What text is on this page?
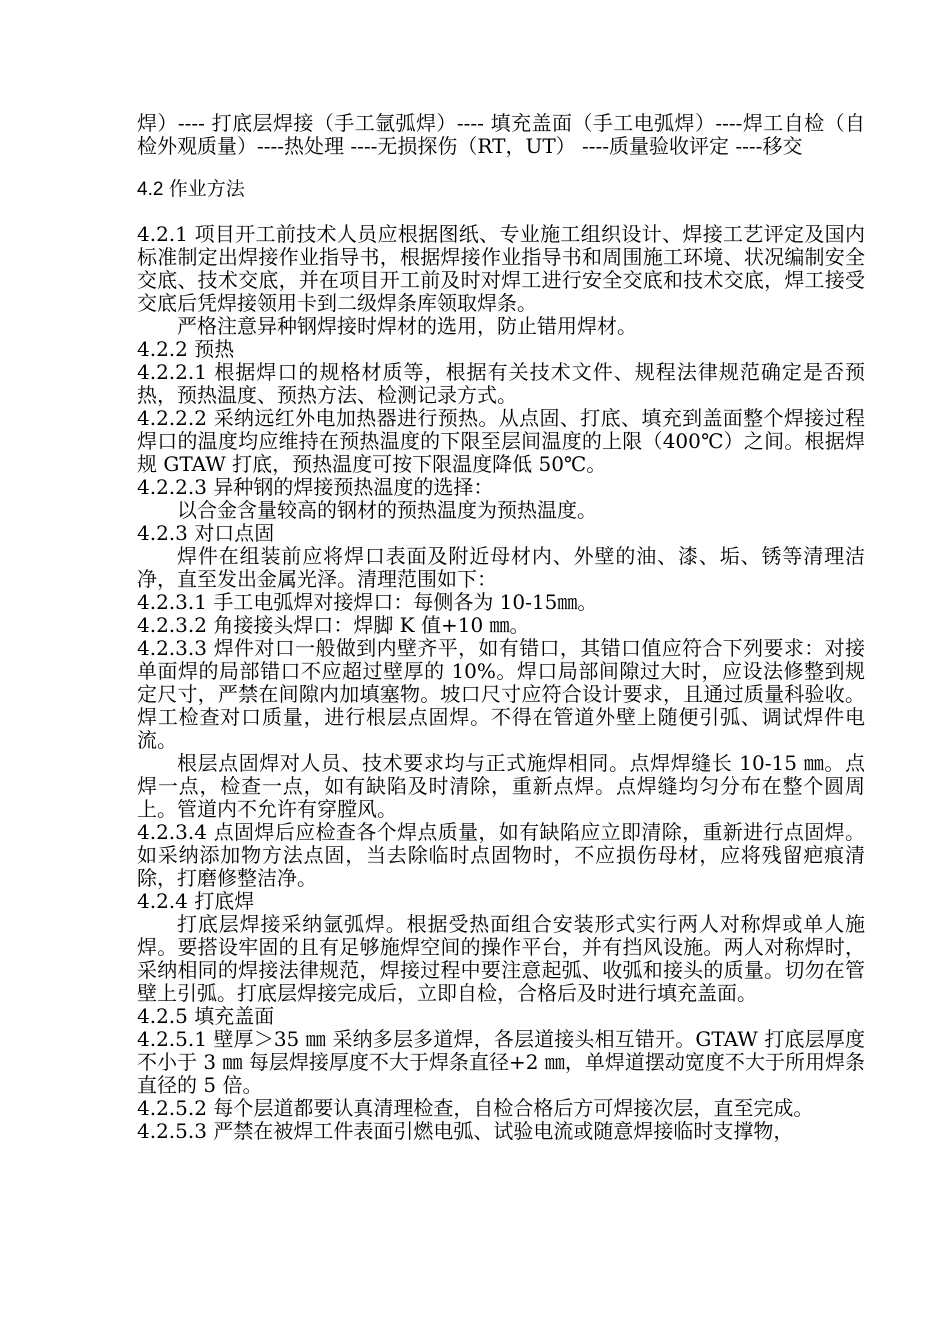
焊）---- 打底层焊接（手工氩弧焊）---- 填充盖面（手工电弧焊）----焊工自检（自检外观质量）----热处理 ----无损探伤（RT，UT） ----质量验收评定 ----移交

4.2 作业方法

4.2.1 项目开工前技术人员应根据图纸、专业施工组织设计、焊接工艺评定及国内标准制定出焊接作业指导书，根据焊接作业指导书和周围施工环境、状况编制安全交底、技术交底，并在项目开工前及时对焊工进行安全交底和技术交底，焊工接受交底后凭焊接领用卡到二级焊条库领取焊条。

严格注意异种钢焊接时焊材的选用，防止错用焊材。

4.2.2 预热

4.2.2.1 根据焊口的规格材质等，根据有关技术文件、规程法律规范确定是否预热，预热温度、预热方法、检测记录方式。

4.2.2.2 采纳远红外电加热器进行预热。从点固、打底、填充到盖面整个焊接过程焊口的温度均应维持在预热温度的下限至层间温度的上限（400℃）之间。根据焊规 GTAW 打底，预热温度可按下限温度降低 50℃。

4.2.2.3 异种钢的焊接预热温度的选择：

以合金含量较高的钢材的预热温度为预热温度。

4.2.3 对口点固

焊件在组装前应将焊口表面及附近母材内、外壁的油、漆、垢、锈等清理洁净，直至发出金属光泽。清理范围如下：

4.2.3.1 手工电弧焊对接焊口：每侧各为 10-15㎜。

4.2.3.2 角接接头焊口：焊脚 K 值+10 ㎜。

4.2.3.3 焊件对口一般做到内壁齐平，如有错口，其错口值应符合下列要求：对接单面焊的局部错口不应超过壁厚的 10%。焊口局部间隙过大时，应设法修整到规定尺寸，严禁在间隙内加填塞物。坡口尺寸应符合设计要求，且通过质量科验收。焊工检查对口质量，进行根层点固焊。不得在管道外壁上随便引弧、调试焊件电流。

根层点固焊对人员、技术要求均与正式施焊相同。点焊焊缝长 10-15 ㎜。点焊一点，检查一点，如有缺陷及时清除，重新点焊。点焊缝均匀分布在整个圆周上。管道内不允许有穿膛风。

4.2.3.4 点固焊后应检查各个焊点质量，如有缺陷应立即清除，重新进行点固焊。如采纳添加物方法点固，当去除临时点固物时，不应损伤母材，应将残留疤痕清除，打磨修整洁净。

4.2.4 打底焊

打底层焊接采纳氩弧焊。根据受热面组合安装形式实行两人对称焊或单人施焊。要搭设牢固的且有足够施焊空间的操作平台，并有挡风设施。两人对称焊时，采纳相同的焊接法律规范，焊接过程中要注意起弧、收弧和接头的质量。切勿在管壁上引弧。打底层焊接完成后，立即自检，合格后及时进行填充盖面。

4.2.5 填充盖面

4.2.5.1 壁厚＞35 ㎜ 采纳多层多道焊，各层道接头相互错开。GTAW 打底层厚度不小于 3 ㎜ 每层焊接厚度不大于焊条直径+2 ㎜，单焊道摆动宽度不大于所用焊条直径的 5 倍。

4.2.5.2 每个层道都要认真清理检查，自检合格后方可焊接次层，直至完成。

4.2.5.3 严禁在被焊工件表面引燃电弧、试验电流或随意焊接临时支撑物，
